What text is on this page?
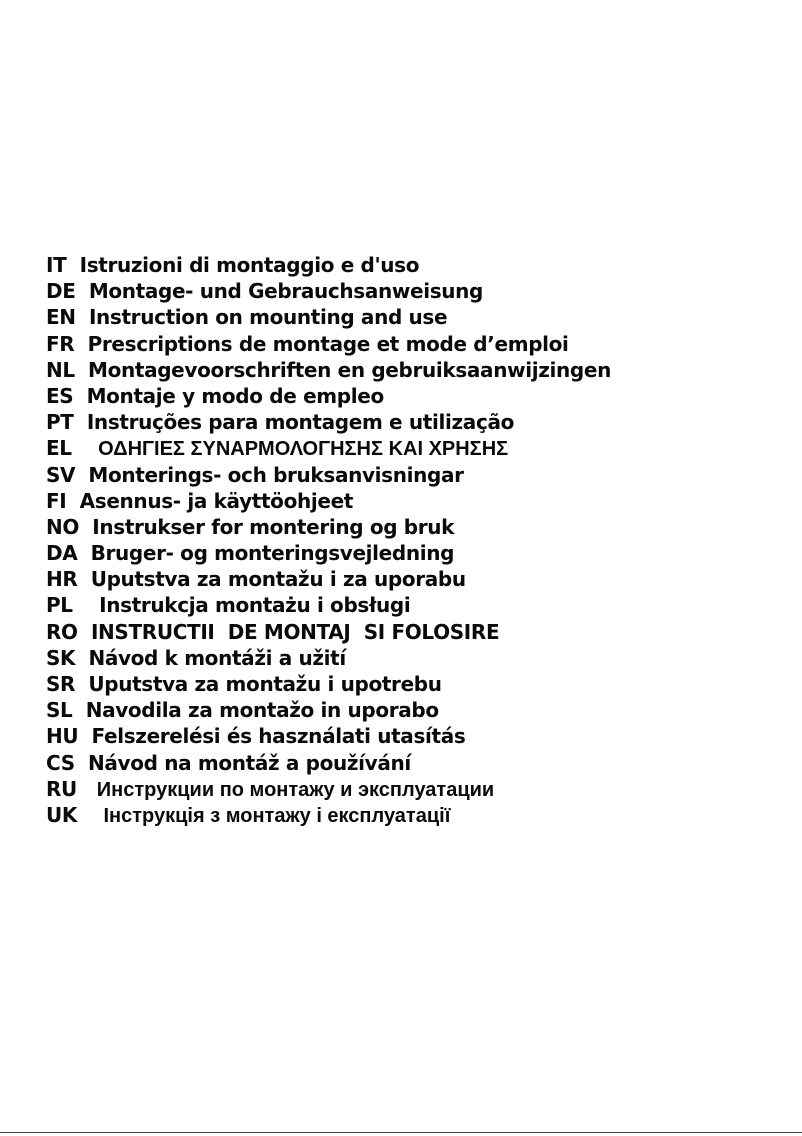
IT Istruzioni di montaggio e d'uso
DE Montage- und Gebrauchsanweisung
EN Instruction on mounting and use
FR Prescriptions de montage et mode d’emploi
NL Montagevoorschriften en gebruiksaanwijzingen
ES Montaje y modo de empleo
PT Instruções para montagem e utilização
EL ΟΔΗΓΙΕΣ ΣΥΝΑΡΜΟΛΟΓΗΣΗΣ ΚΑΙ ΧΡΗΣΗΣ
SV Monterings- och bruksanvisningar
FI Asennus- ja käyttöohjeet
NO Instrukser for montering og bruk
DA Bruger- og monteringsvejledning
HR Uputstva za montažu i za uporabu
PL Instrukcja montażu i obsługi
RO INSTRUCTII  DE MONTAJ  SI FOLOSIRE
SK Návod k montáži a užití
SR Uputstva za montažu i upotrebu
SL Navodila za montažo in uporabo
HU Felszerelési és használati utasítás
CS Návod na montáž a používání
RU Инструкции по монтажу и эксплуатации
UK Інструкція з монтажу і експлуатації
